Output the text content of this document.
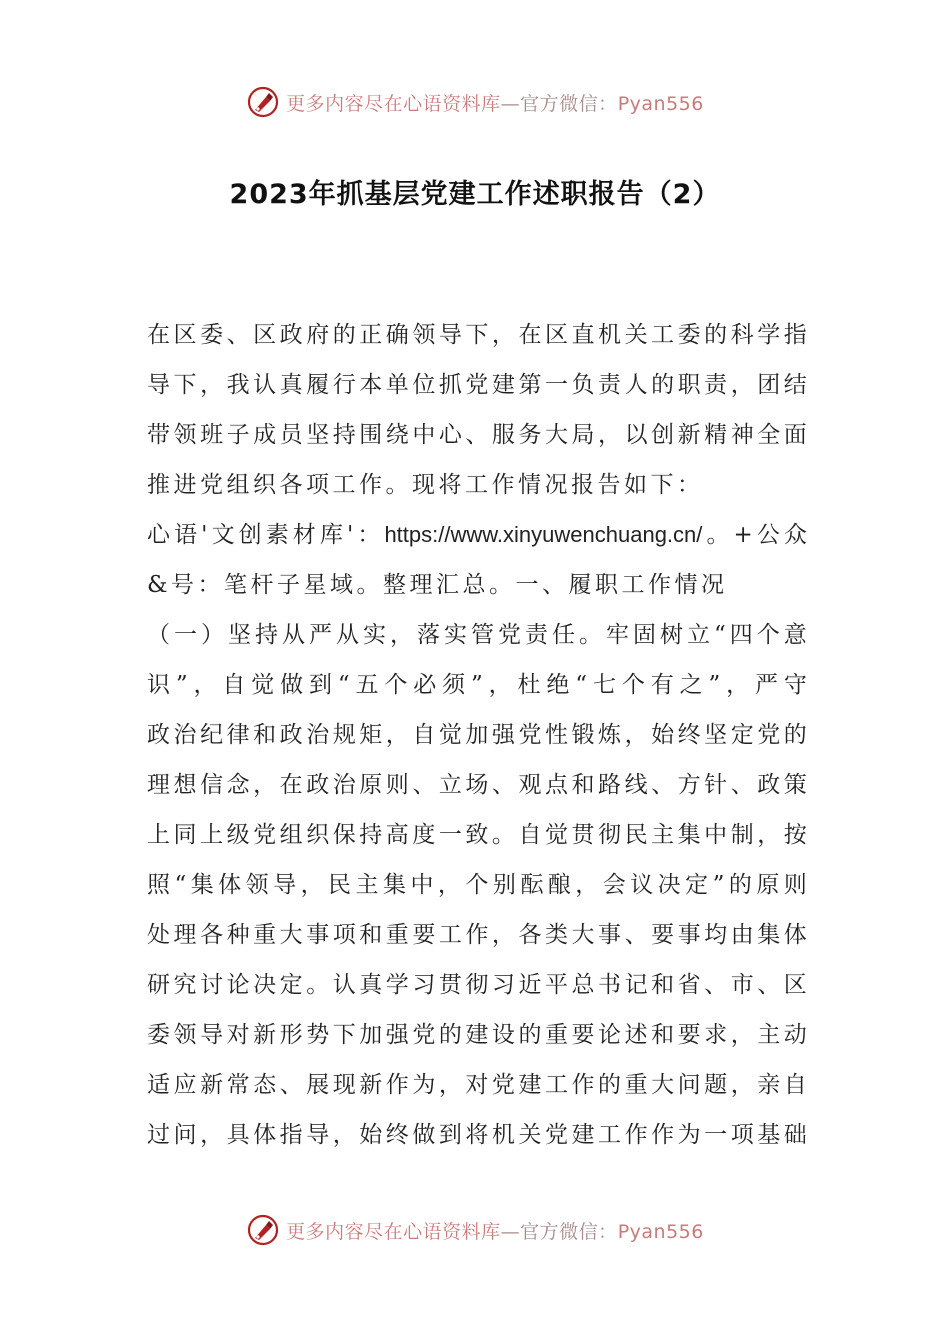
更多内容尽在心语资料库—官方微信：Pyan556
2023年抓基层党建工作述职报告（2）
在 区 委 、 区 政 府 的 正 确 领 导 下 ， 在 区 直 机 关 工 委 的 科 学 指
导 下 ， 我 认 真 履 行 本 单 位 抓 党 建 第 一 负 责 人 的 职 责 ， 团 结
带 领 班 子 成 员 坚 持 围 绕 中 心 、 服 务 大 局 ， 以 创 新 精 神 全 面
推进党组织各项工作。现将工作情况报告如下：
心 语 ' 文 创 素 材 库 ' ： https://www.xinyuwenchuang.cn/ 。 + 公 众
&号：笔杆子星域。整理汇总。一、履职工作情况
（ 一 ） 坚 持 从 严 从 实 ， 落 实 管 党 责 任 。 牢 固 树 立 “ 四 个 意
识 ” ， 自 觉 做 到 “ 五 个 必 须 ” ， 杜 绝 “ 七 个 有 之 ” ， 严 守
政 治 纪 律 和 政 治 规 矩 ， 自 觉 加 强 党 性 锻 炼 ， 始 终 坚 定 党 的
理 想 信 念 ， 在 政 治 原 则 、 立 场 、 观 点 和 路 线 、 方 针 、 政 策
上 同 上 级 党 组 织 保 持 高 度 一 致 。 自 觉 贯 彻 民 主 集 中 制 ， 按
照 “ 集 体 领 导 ， 民 主 集 中 ， 个 别 酝 酿 ， 会 议 决 定 ” 的 原 则
处 理 各 种 重 大 事 项 和 重 要 工 作 ， 各 类 大 事 、 要 事 均 由 集 体
研 究 讨 论 决 定 。 认 真 学 习 贯 彻 习 近 平 总 书 记 和 省 、 市 、 区
委 领 导 对 新 形 势 下 加 强 党 的 建 设 的 重 要 论 述 和 要 求 ， 主 动
适 应 新 常 态 、 展 现 新 作 为 ， 对 党 建 工 作 的 重 大 问 题 ， 亲 自
过 问 ， 具 体 指 导 ， 始 终 做 到 将 机 关 党 建 工 作 作 为 一 项 基 础
更多内容尽在心语资料库—官方微信：Pyan556
